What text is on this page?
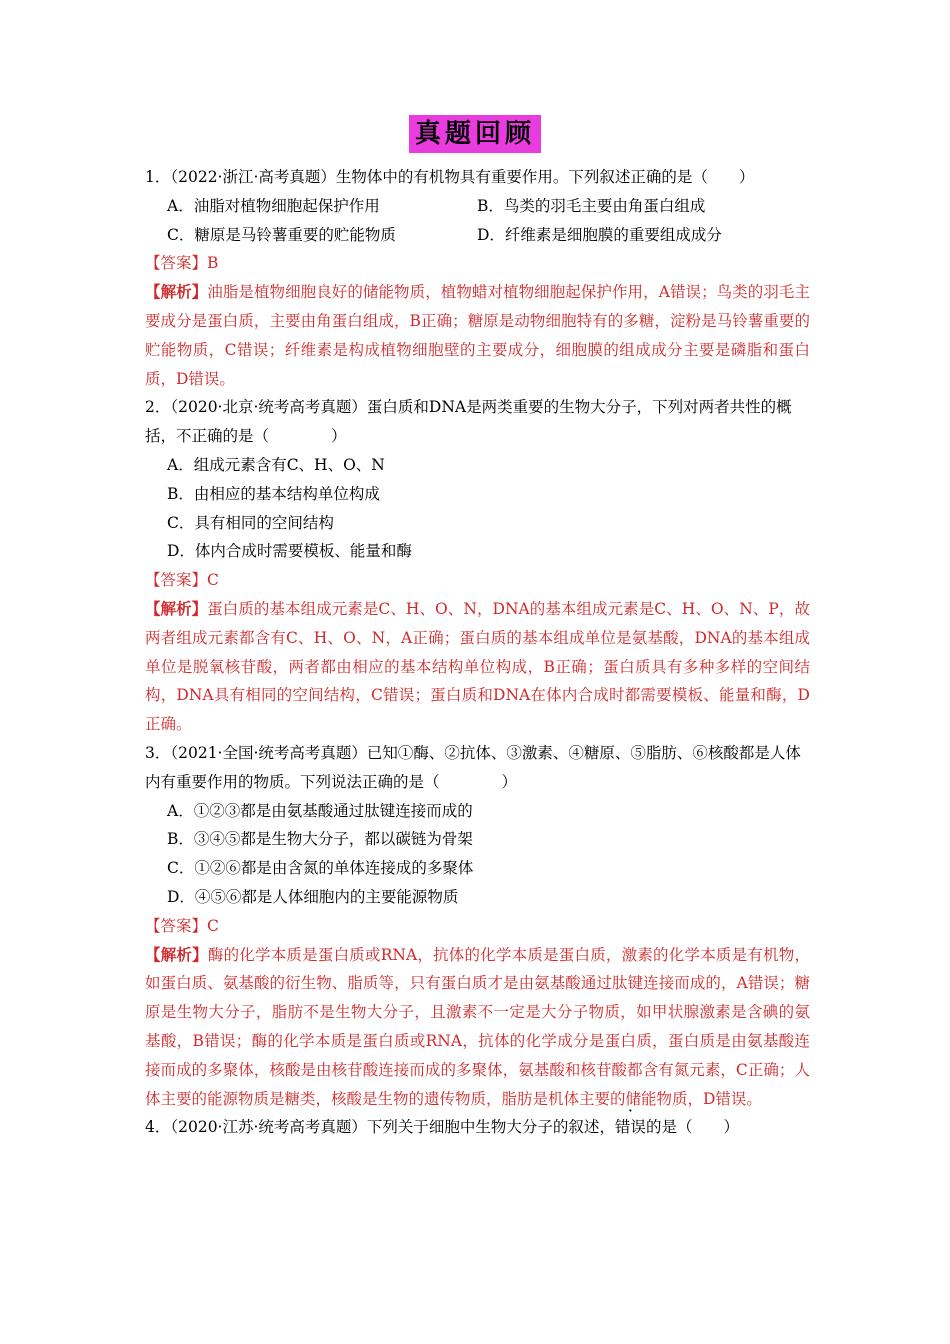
真题回顾

1．（2022·浙江·高考真题）生物体中的有机物具有重要作用。下列叙述正确的是（　　）

A．油脂对植物细胞起保护作用	B．鸟类的羽毛主要由角蛋白组成
C．糖原是马铃薯重要的贮能物质	D．纤维素是细胞膜的重要组成成分

【答案】B

【解析】油脂是植物细胞良好的储能物质，植物蜡对植物细胞起保护作用，A错误；鸟类的羽毛主要成分是蛋白质，主要由角蛋白组成，B正确；糖原是动物细胞特有的多糖，淀粉是马铃薯重要的贮能物质，C错误；纤维素是构成植物细胞壁的主要成分，细胞膜的组成成分主要是磷脂和蛋白质，D错误。

2．（2020·北京·统考高考真题）蛋白质和DNA是两类重要的生物大分子，下列对两者共性的概括，不正确的是（　　　　）

A．组成元素含有C、H、O、N

B．由相应的基本结构单位构成

C．具有相同的空间结构

D．体内合成时需要模板、能量和酶

【答案】C

【解析】蛋白质的基本组成元素是C、H、O、N，DNA的基本组成元素是C、H、O、N、P，故两者组成元素都含有C、H、O、N，A正确；蛋白质的基本组成单位是氨基酸，DNA的基本组成单位是脱氧核苷酸，两者都由相应的基本结构单位构成，B正确；蛋白质具有多种多样的空间结构，DNA具有相同的空间结构，C错误；蛋白质和DNA在体内合成时都需要模板、能量和酶，D正确。

3．（2021·全国·统考高考真题）已知①酶、②抗体、③激素、④糖原、⑤脂肪、⑥核酸都是人体内有重要作用的物质。下列说法正确的是（　　　　）

A．①②③都是由氨基酸通过肽键连接而成的

B．③④⑤都是生物大分子，都以碳链为骨架

C．①②⑥都是由含氮的单体连接成的多聚体

D．④⑤⑥都是人体细胞内的主要能源物质

【答案】C

【解析】酶的化学本质是蛋白质或RNA，抗体的化学本质是蛋白质，激素的化学本质是有机物，如蛋白质、氨基酸的衍生物、脂质等，只有蛋白质才是由氨基酸通过肽键连接而成的，A错误；糖原是生物大分子，脂肪不是生物大分子，且激素不一定是大分子物质，如甲状腺激素是含碘的氨基酸，B错误；酶的化学本质是蛋白质或RNA，抗体的化学成分是蛋白质，蛋白质是由氨基酸连接而成的多聚体，核酸是由核苷酸连接而成的多聚体，氨基酸和核苷酸都含有氮元素，C正确；人体主要的能源物质是糖类，核酸是生物的遗传物质，脂肪是机体主要的储能物质，D错误。

4．（2020·江苏·统考高考真题）下列关于细胞中生物大分子的叙述，错误的是（　　）
